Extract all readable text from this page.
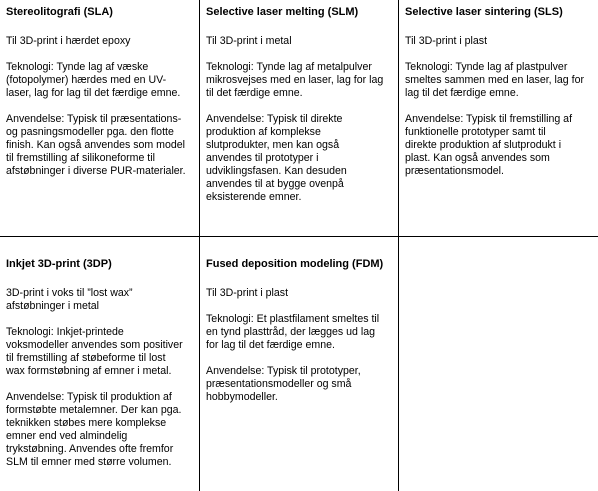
Stereolitografi (SLA)

Til 3D-print i hærdet epoxy

Teknologi: Tynde lag af væske
(fotopolymer) hærdes med en UV-
laser, lag for lag til det færdige emne.

Anvendelse: Typisk til præsentations-
og pasningsmodeller pga. den flotte
finish. Kan også anvendes som model
til fremstilling af silikoneforme til
afstøbninger i diverse PUR-materialer.

Selective laser melting (SLM)

Til 3D-print i metal

Teknologi: Tynde lag af metalpulver
mikrosvejses med en laser, lag for lag
til det færdige emne.

Anvendelse: Typisk til direkte
produktion af komplekse
slutprodukter, men kan også
anvendes til prototyper i
udviklingsfasen. Kan desuden
anvendes til at bygge ovenpå
eksisterende emner.

Selective laser sintering (SLS)

Til 3D-print i plast

Teknologi: Tynde lag af plastpulver
smeltes sammen med en laser, lag for
lag til det færdige emne.

Anvendelse: Typisk til fremstilling af
funktionelle prototyper samt til
direkte produktion af slutprodukt i
plast. Kan også anvendes som
præsentationsmodel.

Inkjet 3D-print (3DP)

3D-print i voks til ”lost wax”
afstøbninger i metal

Teknologi: Inkjet-printede
voksmodeller anvendes som positiver
til fremstilling af støbeforme til lost
wax formstøbning af emner i metal.

Anvendelse: Typisk til produktion af
formstøbte metalemner. Der kan pga.
teknikken støbes mere komplekse
emner end ved almindelig
trykstøbning. Anvendes ofte fremfor
SLM til emner med større volumen.

Fused deposition modeling (FDM)

Til 3D-print i plast

Teknologi: Et plastfilament smeltes til
en tynd plasttråd, der lægges ud lag
for lag til det færdige emne.

Anvendelse: Typisk til prototyper,
præsentationsmodeller og små
hobbymodeller.
